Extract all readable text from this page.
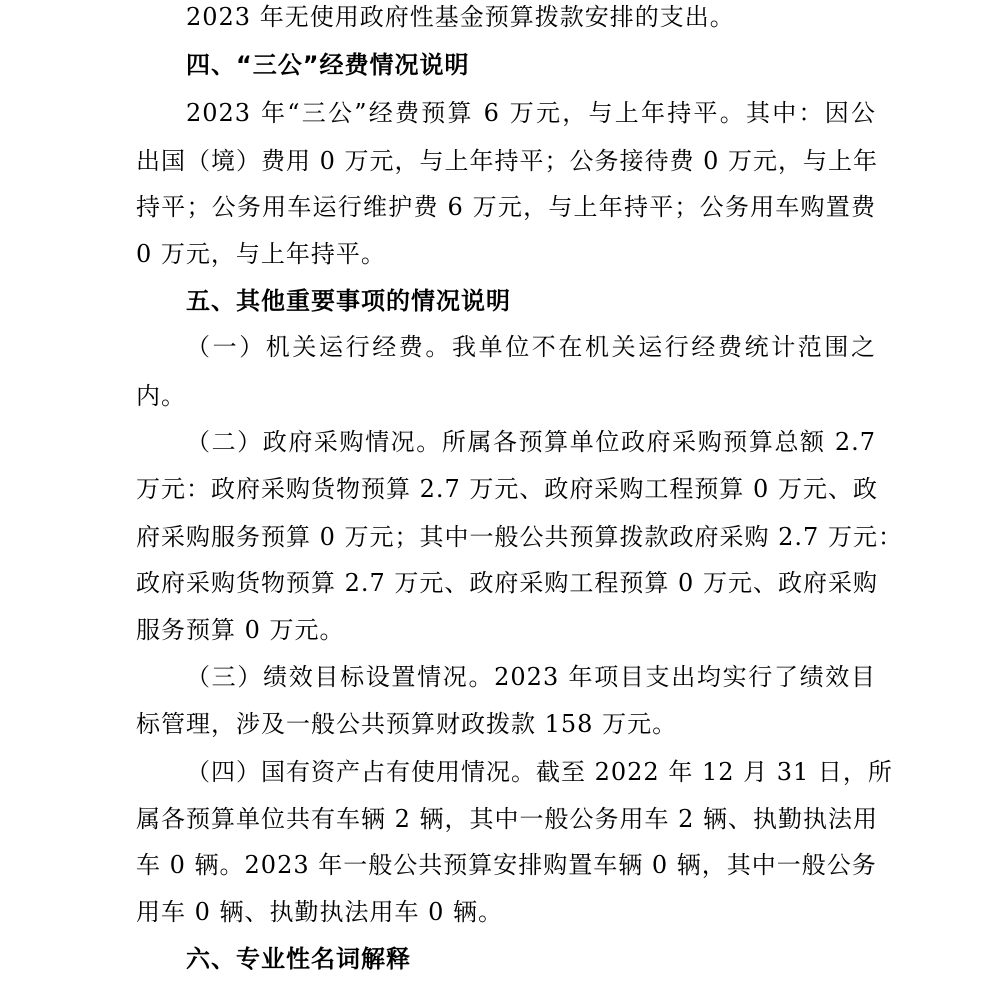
2023 年无使用政府性基金预算拨款安排的支出。
四、“三公”经费情况说明
2023 年“三公”经费预算 6 万元，与上年持平。其中：因公
出国（境）费用 0 万元，与上年持平；公务接待费 0 万元，与上年
持平；公务用车运行维护费 6 万元，与上年持平；公务用车购置费
0 万元，与上年持平。
五、其他重要事项的情况说明
（一）机关运行经费。我单位不在机关运行经费统计范围之
内。
（二）政府采购情况。所属各预算单位政府采购预算总额 2.7
万元：政府采购货物预算 2.7 万元、政府采购工程预算 0 万元、政
府采购服务预算 0 万元；其中一般公共预算拨款政府采购 2.7 万元：
政府采购货物预算 2.7 万元、政府采购工程预算 0 万元、政府采购
服务预算 0 万元。
（三）绩效目标设置情况。2023 年项目支出均实行了绩效目
标管理，涉及一般公共预算财政拨款 158 万元。
（四）国有资产占有使用情况。截至 2022 年 12 月 31 日，所
属各预算单位共有车辆 2 辆，其中一般公务用车 2 辆、执勤执法用
车 0 辆。2023 年一般公共预算安排购置车辆 0 辆，其中一般公务
用车 0 辆、执勤执法用车 0 辆。
六、专业性名词解释
